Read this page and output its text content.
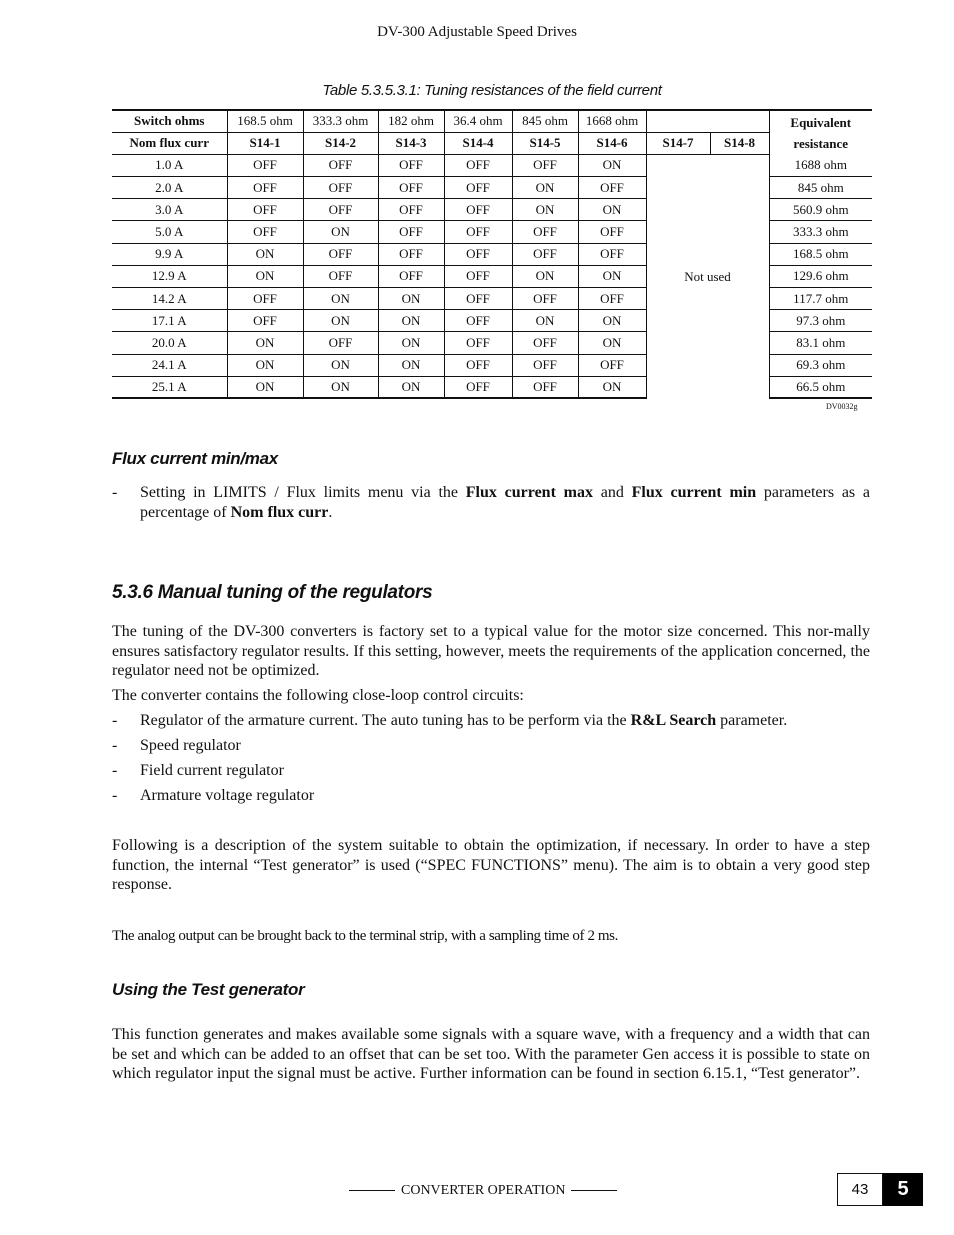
DV-300 Adjustable Speed Drives
Table 5.3.5.3.1: Tuning resistances of the field current
Switch ohms	168.5 ohm	333.3 ohm	182 ohm	36.4 ohm	845 ohm	1668 ohm			Equivalent
resistance

Nom flux curr	S14-1	S14-2	S14-3	S14-4	S14-5	S14-6	S14-7	S14-8	
1.0 A	OFF	OFF	OFF	OFF	OFF	ON	Not used		1688 ohm
2.0 A	OFF	OFF	OFF	OFF	ON	OFF			845 ohm
3.0 A	OFF	OFF	OFF	OFF	ON	ON			560.9 ohm
5.0 A	OFF	ON	OFF	OFF	OFF	OFF			333.3 ohm
9.9 A	ON	OFF	OFF	OFF	OFF	OFF			168.5 ohm
12.9 A	ON	OFF	OFF	OFF	ON	ON			129.6 ohm
14.2 A	OFF	ON	ON	OFF	OFF	OFF			117.7 ohm
17.1 A	OFF	ON	ON	OFF	ON	ON			97.3 ohm
20.0 A	ON	OFF	ON	OFF	OFF	ON			83.1 ohm
24.1 A	ON	ON	ON	OFF	OFF	OFF			69.3 ohm
25.1 A	ON	ON	ON	OFF	OFF	ON			66.5 ohm
DV0032g
Flux current min/max
- Setting in LIMITS / Flux limits menu via the Flux current max and Flux current min parameters as a percentage of Nom flux curr.
5.3.6 Manual tuning of the regulators
The tuning of the DV-300 converters is factory set to a typical value for the motor size concerned. This nor-mally ensures satisfactory regulator results. If this setting, however, meets the requirements of the application concerned, the regulator need not be optimized.
The converter contains the following close-loop control circuits:
- Regulator of the armature current. The auto tuning has to be perform via the R&L Search parameter.
- Speed regulator
- Field current regulator
- Armature voltage regulator
Following is a description of the system suitable to obtain the optimization, if necessary. In order to have a step function, the internal “Test generator” is used (“SPEC FUNCTIONS” menu). The aim is to obtain a very good step response.
The analog output can be brought back to the terminal strip, with a sampling time of 2 ms.
Using the Test generator
This function generates and makes available some signals with a square wave, with a frequency and a width that can be set and which can be added to an offset that can be set too. With the parameter Gen access it is possible to state on which regulator input the signal must be active. Further information can be found in section 6.15.1, “Test generator”.
CONVERTER OPERATION	43	5
